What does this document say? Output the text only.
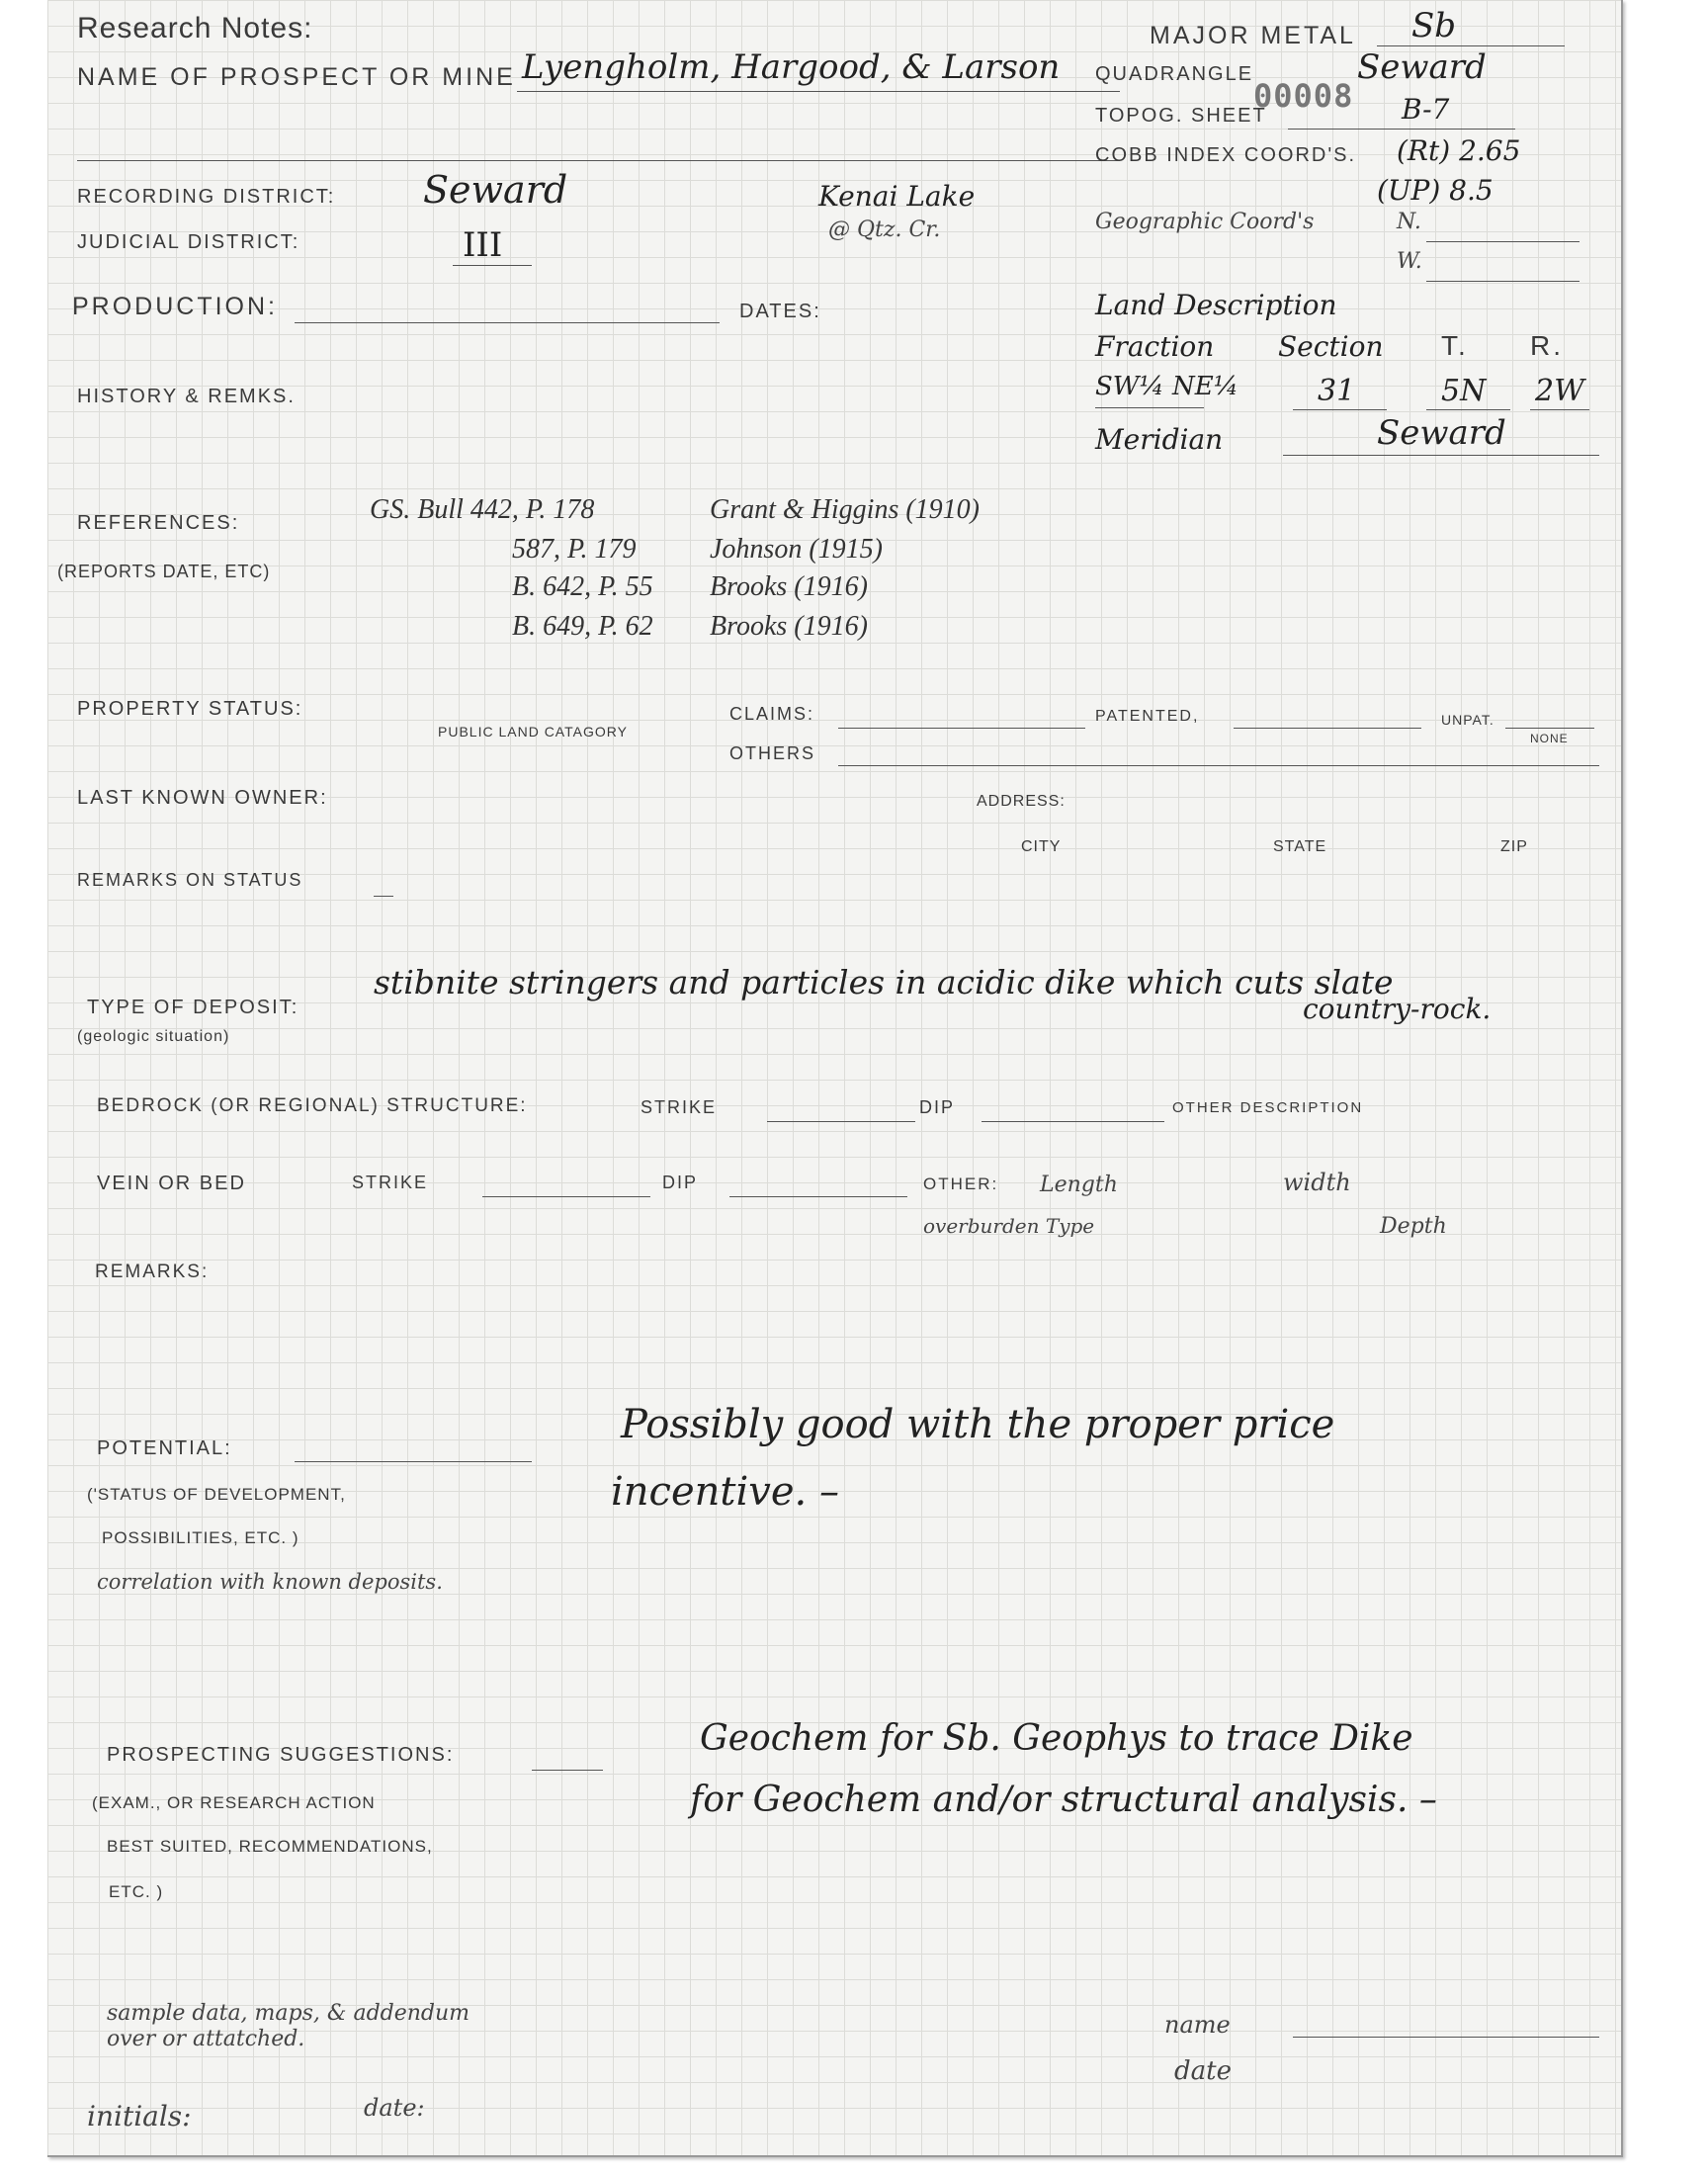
Research Notes:
NAME OF PROSPECT OR MINE Lyengholm, Hargood, & Larson
MAJOR METAL Sb
QUADRANGLE	Seward
00008
TOPOG. SHEET	B-7
COBB INDEX COORD'S. (Rt) 2.65
(UP) 8.5
RECORDING DISTRICT: Seward
JUDICIAL DISTRICT:	III
Kenai Lake
@ Qtz. Cr.	Geographic Coord's	N.
W.
PRODUCTION:	DATES:
HISTORY & REMKS.
Land Description
Fraction Section T. R.
SW¼ NE¼	31	5N 2W
Meridian	Seward
REFERENCES:
(REPORTS DATE, ETC)
GS. Bull 442, P. 178	Grant & Higgins (1910)
587, P. 179	Johnson (1915)
B. 642, P. 55 Brooks (1916)
B. 649, P. 62 Brooks (1916)
PROPERTY STATUS:
PUBLIC LAND CATAGORY
CLAIMS:	PATENTED,	UNPAT.
NONE
OTHERS
LAST KNOWN OWNER:	ADDRESS:
CITY	STATE	ZIP
REMARKS ON STATUS
TYPE OF DEPOSIT:
(geologic situation)
stibnite stringers and particles in acidic dike which cuts slate
country-rock.
BEDROCK (OR REGIONAL) STRUCTURE:	STRIKE	DIP	OTHER DESCRIPTION
VEIN OR BED	STRIKE	DIP	OTHER: Length	width
overburden Type	Depth
REMARKS:
POTENTIAL:
('STATUS OF DEVELOPMENT,
POSSIBILITIES, ETC. )
correlation with known deposits.
Possibly good with the proper price
incentive. –
PROSPECTING SUGGESTIONS:
(EXAM., OR RESEARCH ACTION
BEST SUITED, RECOMMENDATIONS,
ETC. )
Geochem for Sb. Geophys to trace Dike
for Geochem and/or structural analysis. –
sample data, maps, & addendum
over or attatched.
name
date
initials:	date:
